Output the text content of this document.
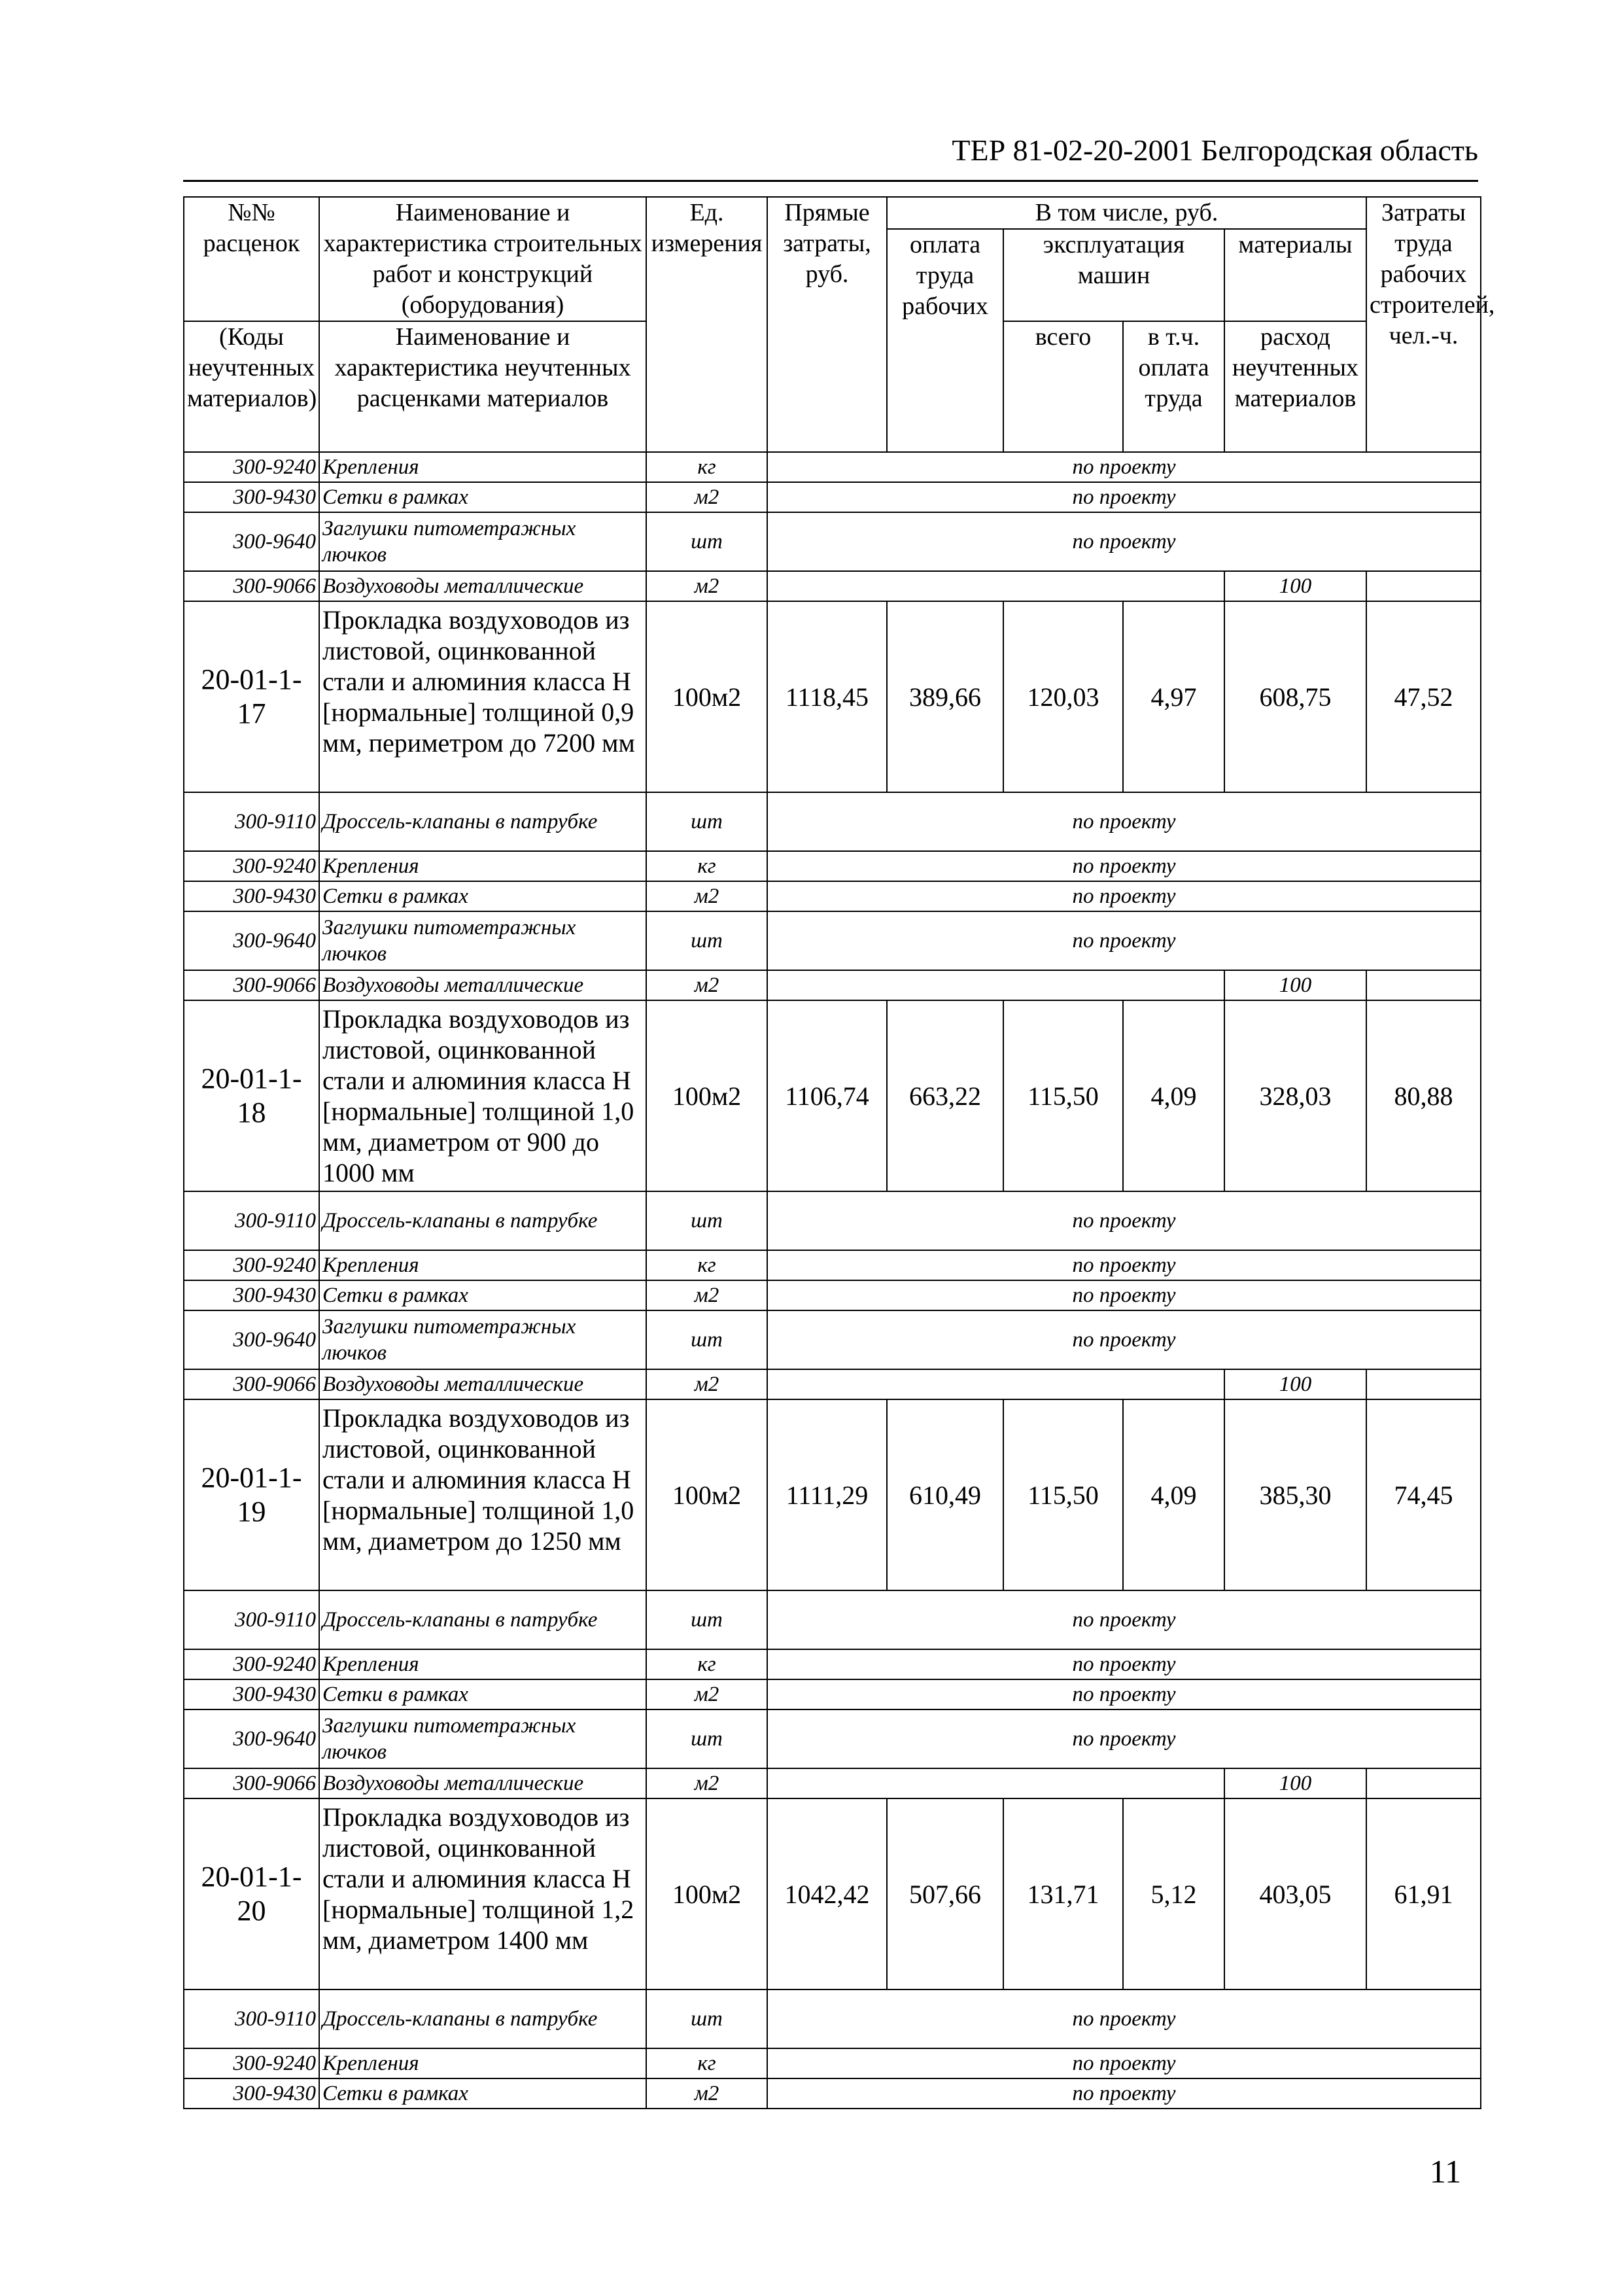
ТЕР 81-02-20-2001 Белгородская область
№№ расценок	Наименование и характеристика строительных работ и конструкций (оборудования)	Ед. измерения	Прямые затраты, руб.	В том числе, руб.				Затраты труда рабочих строителей, чел.-ч.
				оплата труда рабочих	эксплуатация машин		материалы	
(Коды неучтенных материалов)	Наименование и характеристика неучтенных расценками материалов				всего	в т.ч. оплата труда	расход неучтенных материалов	
300-9240	Крепления	кг	по проекту					
300-9430	Сетки в рамках	м2	по проекту					
300-9640	Заглушки питометражных лючков	шт	по проекту					
300-9066	Воздуховоды металлические	м2					100	
20-01-1-17	Прокладка воздуховодов из листовой, оцинкованной стали и алюминия класса Н [нормальные] толщиной 0,9 мм, периметром до 7200 мм	100м2	1118,45	389,66	120,03	4,97	608,75	47,52
300-9110	Дроссель-клапаны в патрубке	шт	по проекту					
300-9240	Крепления	кг	по проекту					
300-9430	Сетки в рамках	м2	по проекту					
300-9640	Заглушки питометражных лючков	шт	по проекту					
300-9066	Воздуховоды металлические	м2					100	
20-01-1-18	Прокладка воздуховодов из листовой, оцинкованной стали и алюминия класса Н [нормальные] толщиной 1,0 мм, диаметром от 900 до 1000 мм	100м2	1106,74	663,22	115,50	4,09	328,03	80,88
300-9110	Дроссель-клапаны в патрубке	шт	по проекту					
300-9240	Крепления	кг	по проекту					
300-9430	Сетки в рамках	м2	по проекту					
300-9640	Заглушки питометражных лючков	шт	по проекту					
300-9066	Воздуховоды металлические	м2					100	
20-01-1-19	Прокладка воздуховодов из листовой, оцинкованной стали и алюминия класса Н [нормальные] толщиной 1,0 мм, диаметром до 1250 мм	100м2	1111,29	610,49	115,50	4,09	385,30	74,45
300-9110	Дроссель-клапаны в патрубке	шт	по проекту					
300-9240	Крепления	кг	по проекту					
300-9430	Сетки в рамках	м2	по проекту					
300-9640	Заглушки питометражных лючков	шт	по проекту					
300-9066	Воздуховоды металлические	м2					100	
20-01-1-20	Прокладка воздуховодов из листовой, оцинкованной стали и алюминия класса Н [нормальные] толщиной 1,2 мм, диаметром 1400 мм	100м2	1042,42	507,66	131,71	5,12	403,05	61,91
300-9110	Дроссель-клапаны в патрубке	шт	по проекту					
300-9240	Крепления	кг	по проекту					
300-9430	Сетки в рамках	м2	по проекту					
11
